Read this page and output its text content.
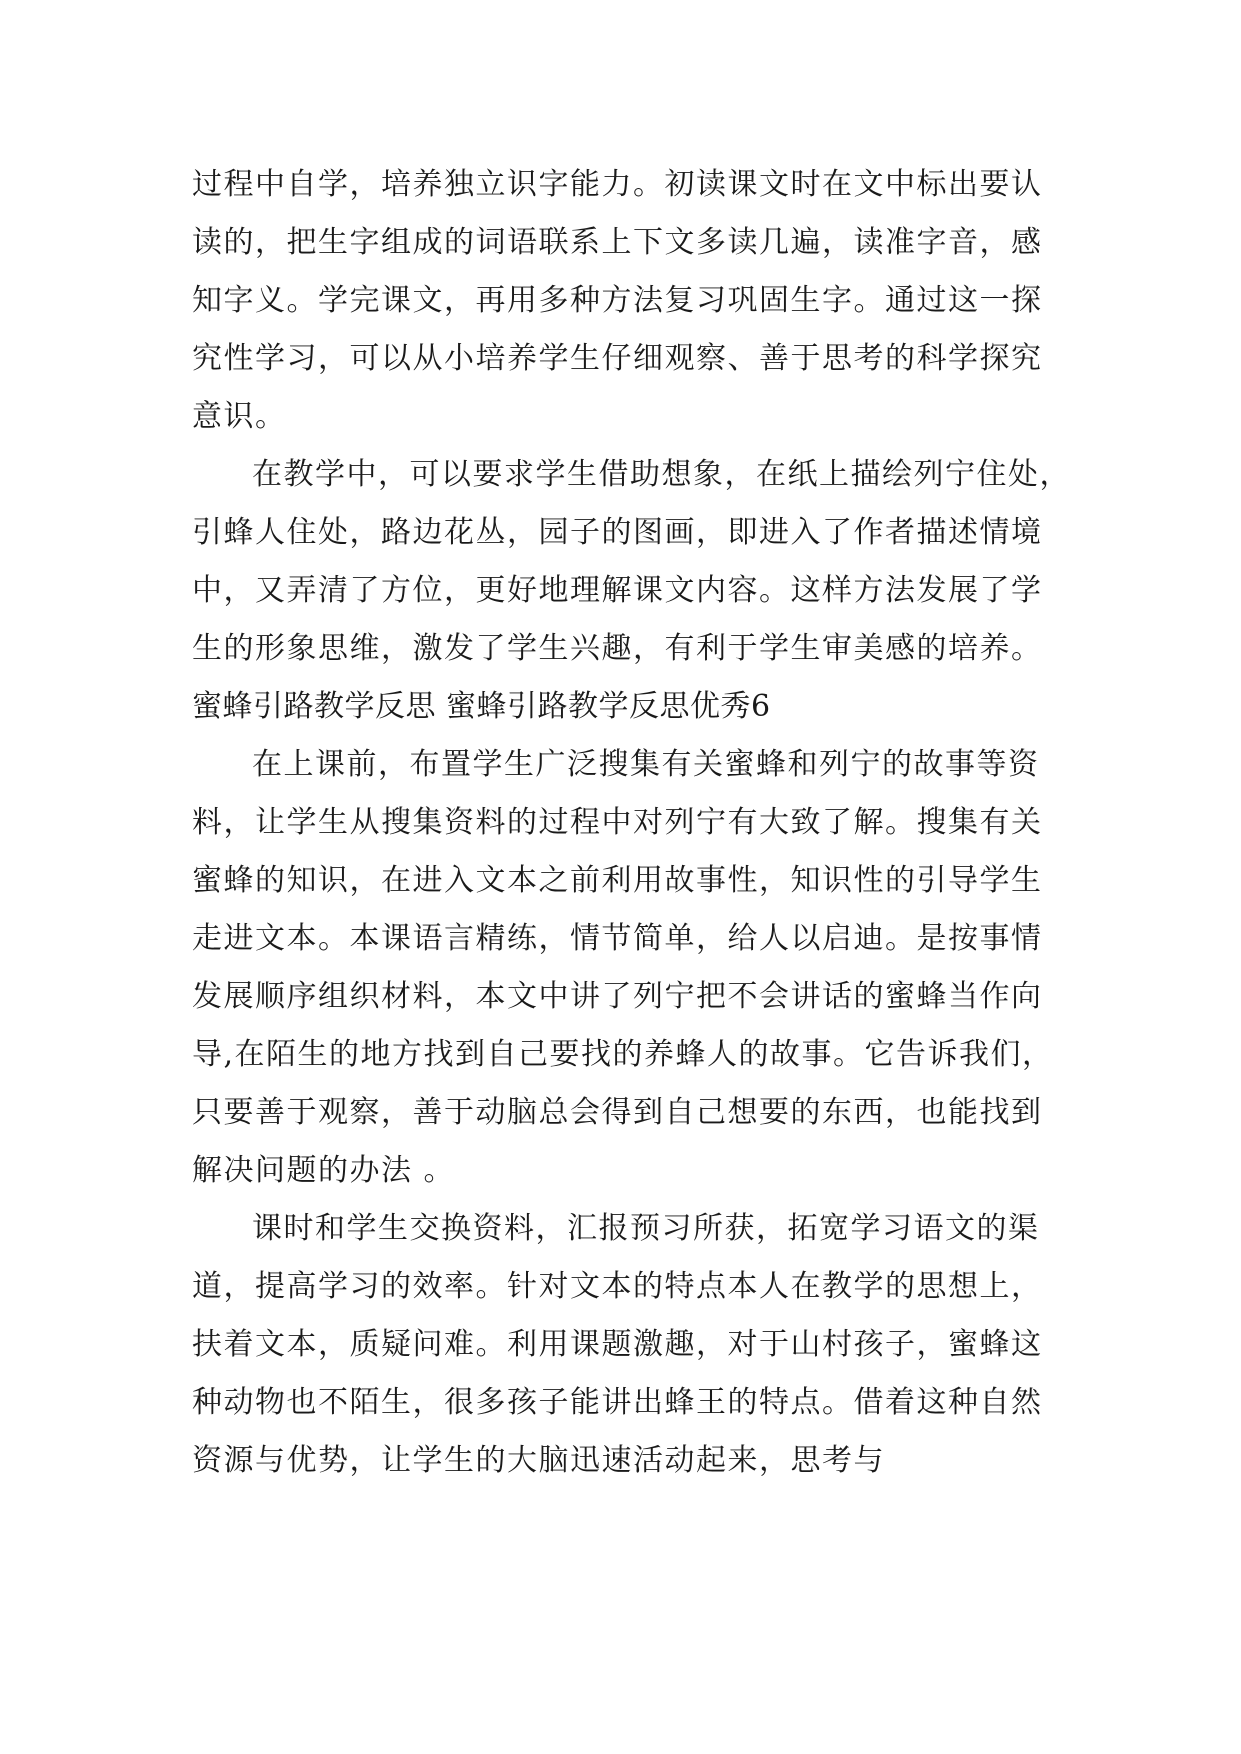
过程中自学，培养独立识字能力。初读课文时在文中标出要认读的，把生字组成的词语联系上下文多读几遍，读准字音，感知字义。学完课文，再用多种方法复习巩固生字。通过这一探究性学习，可以从小培养学生仔细观察、善于思考的科学探究意识。

在教学中，可以要求学生借助想象，在纸上描绘列宁住处，引蜂人住处，路边花丛，园子的图画，即进入了作者描述情境中，又弄清了方位，更好地理解课文内容。这样方法发展了学生的形象思维，激发了学生兴趣，有利于学生审美感的培养。

蜜蜂引路教学反思 蜜蜂引路教学反思优秀6

在上课前，布置学生广泛搜集有关蜜蜂和列宁的故事等资料，让学生从搜集资料的过程中对列宁有大致了解。搜集有关蜜蜂的知识，在进入文本之前利用故事性，知识性的引导学生走进文本。本课语言精练，情节简单，给人以启迪。是按事情发展顺序组织材料，本文中讲了列宁把不会讲话的蜜蜂当作向导,在陌生的地方找到自己要找的养蜂人的故事。它告诉我们，只要善于观察，善于动脑总会得到自己想要的东西，也能找到解决问题的办法 。

课时和学生交换资料，汇报预习所获，拓宽学习语文的渠道，提高学习的效率。针对文本的特点本人在教学的思想上，扶着文本，质疑问难。利用课题激趣，对于山村孩子，蜜蜂这种动物也不陌生，很多孩子能讲出蜂王的特点。借着这种自然资源与优势，让学生的大脑迅速活动起来，思考与
